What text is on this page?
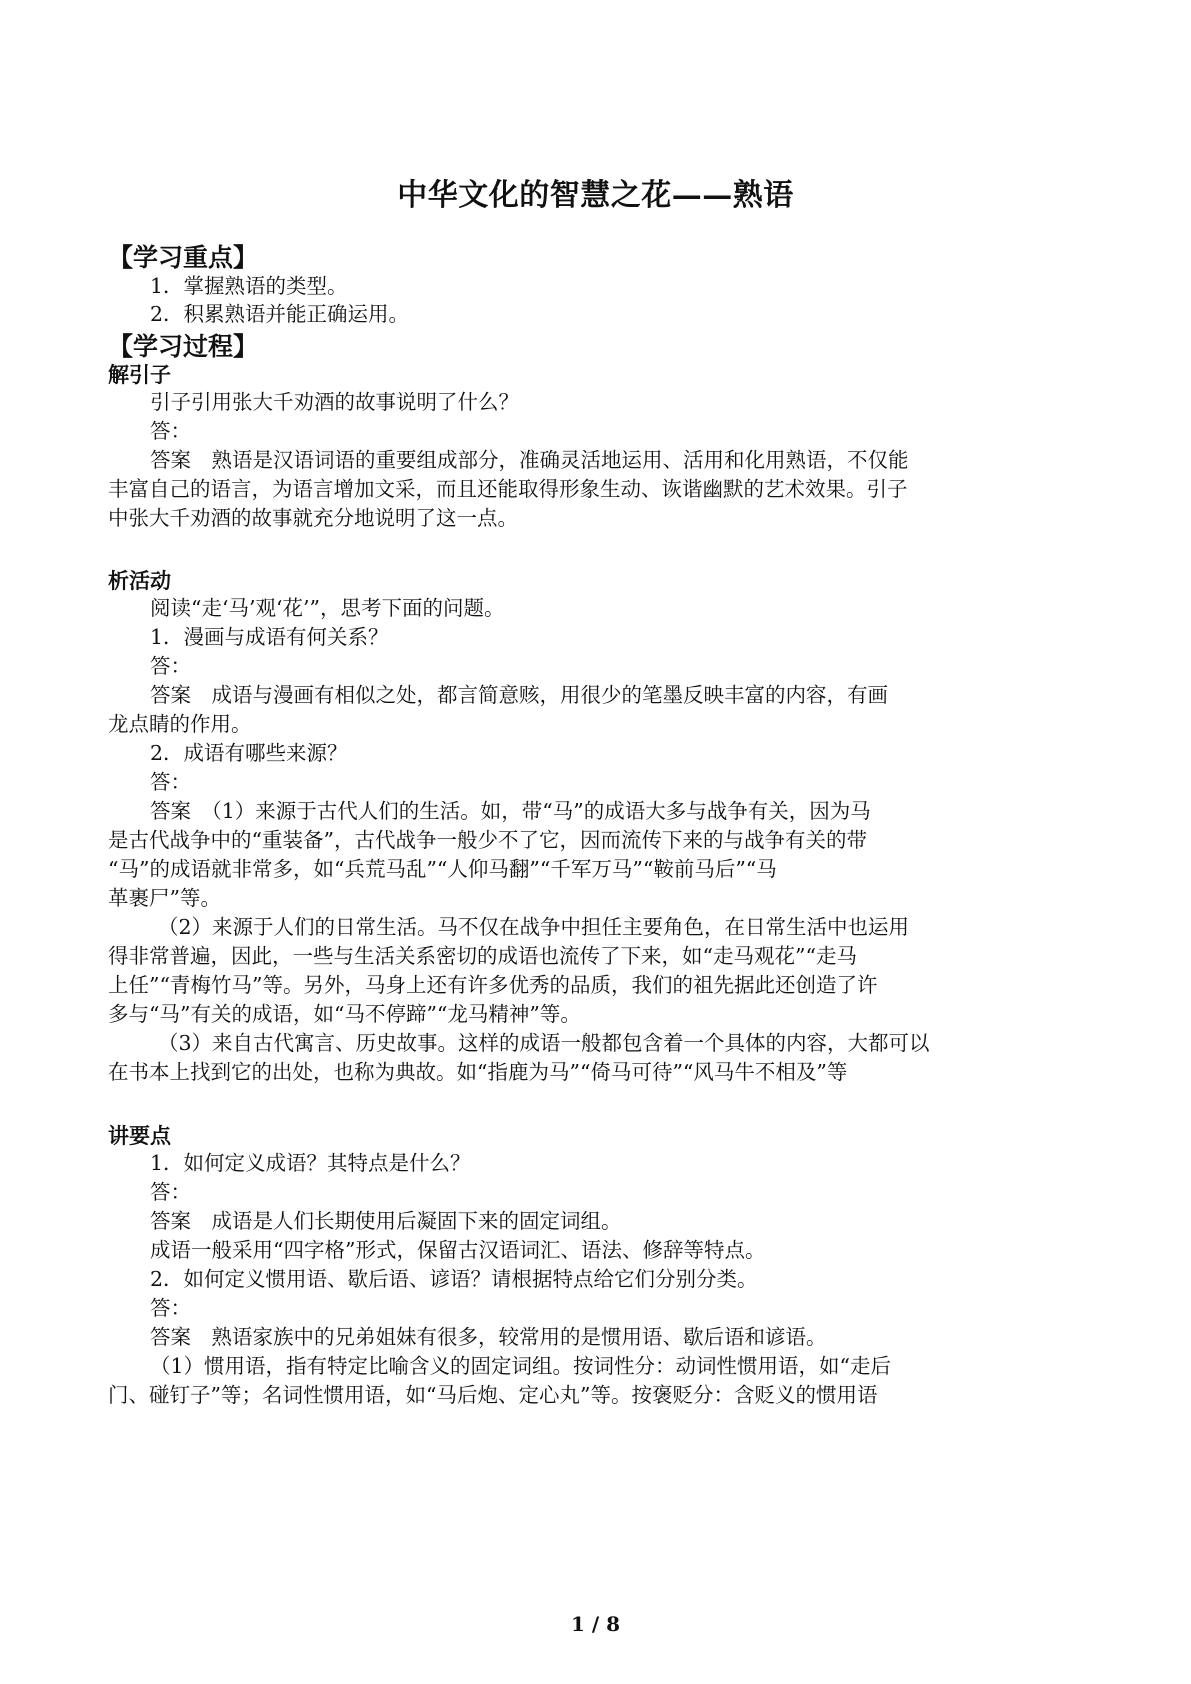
中华文化的智慧之花——熟语
【学习重点】
1．掌握熟语的类型。
2．积累熟语并能正确运用。
【学习过程】
解引子
引子引用张大千劝酒的故事说明了什么？
答：
答案　熟语是汉语词语的重要组成部分，准确灵活地运用、活用和化用熟语，不仅能
丰富自己的语言，为语言增加文采，而且还能取得形象生动、诙谐幽默的艺术效果。引子
中张大千劝酒的故事就充分地说明了这一点。
析活动
阅读“走‘马’观‘花’”，思考下面的问题。
1．漫画与成语有何关系？
答：
答案　成语与漫画有相似之处，都言简意赅，用很少的笔墨反映丰富的内容，有画
龙点睛的作用。
2．成语有哪些来源？
答：
答案　（1）来源于古代人们的生活。如，带“马”的成语大多与战争有关，因为马
是古代战争中的“重装备”，古代战争一般少不了它，因而流传下来的与战争有关的带
“马”的成语就非常多，如“兵荒马乱”“人仰马翻”“千军万马”“鞍前马后”“马
革裹尸”等。
（2）来源于人们的日常生活。马不仅在战争中担任主要角色，在日常生活中也运用
得非常普遍，因此，一些与生活关系密切的成语也流传了下来，如“走马观花”“走马
上任”“青梅竹马”等。另外，马身上还有许多优秀的品质，我们的祖先据此还创造了许
多与“马”有关的成语，如“马不停蹄”“龙马精神”等。
（3）来自古代寓言、历史故事。这样的成语一般都包含着一个具体的内容，大都可以
在书本上找到它的出处，也称为典故。如“指鹿为马”“倚马可待”“风马牛不相及”等
讲要点
1．如何定义成语？其特点是什么？
答：
答案　成语是人们长期使用后凝固下来的固定词组。
成语一般采用“四字格”形式，保留古汉语词汇、语法、修辞等特点。
2．如何定义惯用语、歇后语、谚语？请根据特点给它们分别分类。
答：
答案　熟语家族中的兄弟姐妹有很多，较常用的是惯用语、歇后语和谚语。
（1）惯用语，指有特定比喻含义的固定词组。按词性分：动词性惯用语，如“走后
门、碰钉子”等；名词性惯用语，如“马后炮、定心丸”等。按褒贬分：含贬义的惯用语
1 / 8
